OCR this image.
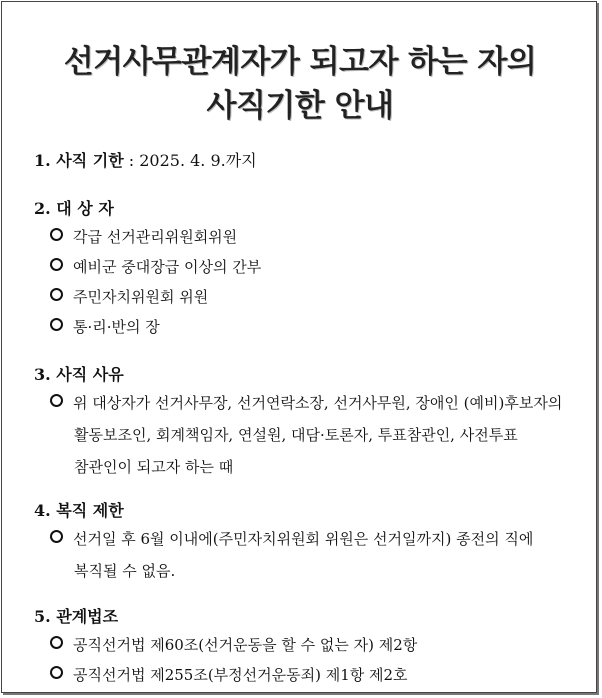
선거사무관계자가 되고자 하는 자의
사직기한 안내

1. 사직 기한 : 2025. 4. 9.까지

2. 대 상 자

각급 선거관리위원회위원

예비군 중대장급 이상의 간부

주민자치위원회 위원

통·리·반의 장

3. 사직 사유

위 대상자가 선거사무장, 선거연락소장, 선거사무원, 장애인 (예비)후보자의

활동보조인, 회계책임자, 연설원, 대담·토론자, 투표참관인, 사전투표

참관인이 되고자 하는 때

4. 복직 제한

선거일 후 6월 이내에(주민자치위원회 위원은 선거일까지) 종전의 직에

복직될 수 없음.

5. 관계법조

공직선거법 제60조(선거운동을 할 수 없는 자) 제2항

공직선거법 제255조(부정선거운동죄) 제1항 제2호
